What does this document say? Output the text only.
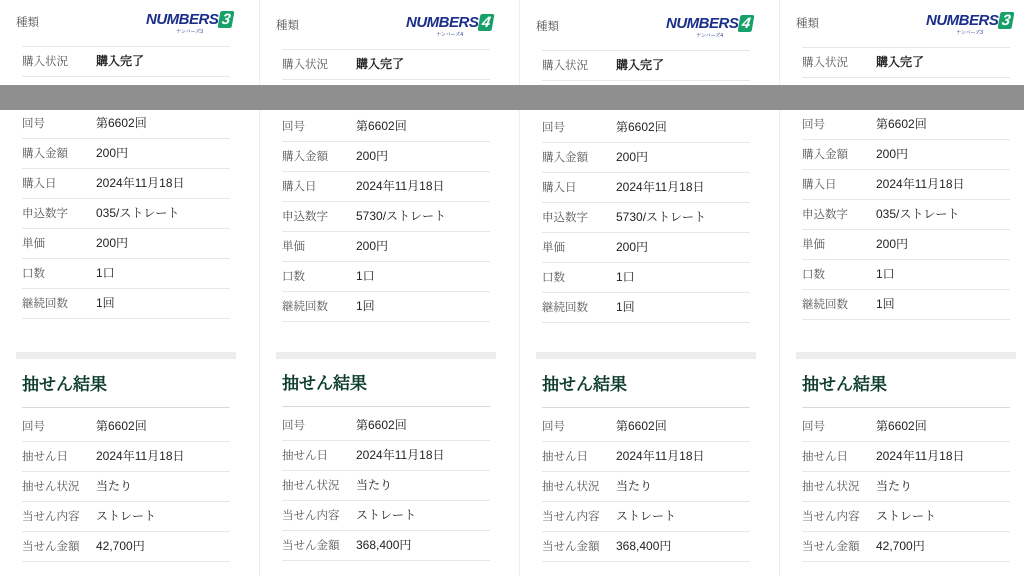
種類	NUMBERS 3
ナンバーズ3
購入状況	購入完了
回号	第6602回
購入金額	200円
購入日	2024年11月18日
申込数字	035/ストレート
単価	200円
口数	1口
継続回数	1回
抽せん結果
回号	第6602回
抽せん日	2024年11月18日
抽せん状況	当たり
当せん内容	ストレート
当せん金額	42,700円
種類	NUMBERS 4
ナンバーズ4
購入状況	購入完了
回号	第6602回
購入金額	200円
購入日	2024年11月18日
申込数字	5730/ストレート
単価	200円
口数	1口
継続回数	1回
抽せん結果
回号	第6602回
抽せん日	2024年11月18日
抽せん状況	当たり
当せん内容	ストレート
当せん金額	368,400円
種類	NUMBERS 4
ナンバーズ4
購入状況	購入完了
回号	第6602回
購入金額	200円
購入日	2024年11月18日
申込数字	5730/ストレート
単価	200円
口数	1口
継続回数	1回
抽せん結果
回号	第6602回
抽せん日	2024年11月18日
抽せん状況	当たり
当せん内容	ストレート
当せん金額	368,400円
種類	NUMBERS 3
ナンバーズ3
購入状況	購入完了
回号	第6602回
購入金額	200円
購入日	2024年11月18日
申込数字	035/ストレート
単価	200円
口数	1口
継続回数	1回
抽せん結果
回号	第6602回
抽せん日	2024年11月18日
抽せん状況	当たり
当せん内容	ストレート
当せん金額	42,700円
